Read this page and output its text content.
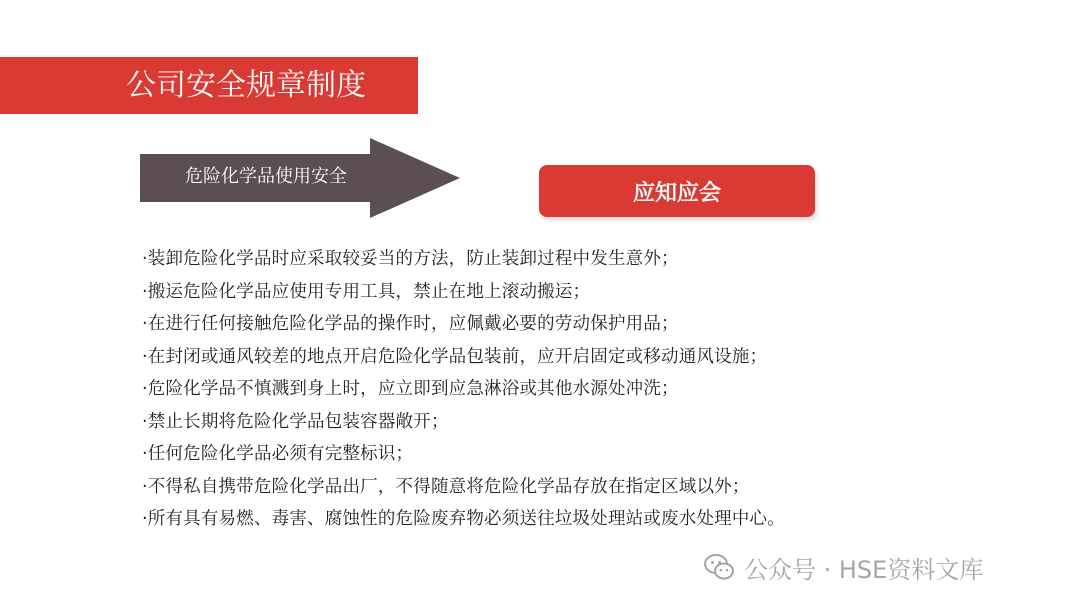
公司安全规章制度
危险化学品使用安全
应知应会
·装卸危险化学品时应采取较妥当的方法，防止装卸过程中发生意外；
·搬运危险化学品应使用专用工具，禁止在地上滚动搬运；
·在进行任何接触危险化学品的操作时，应佩戴必要的劳动保护用品；
·在封闭或通风较差的地点开启危险化学品包装前，应开启固定或移动通风设施；
·危险化学品不慎溅到身上时，应立即到应急淋浴或其他水源处冲洗；
·禁止长期将危险化学品包装容器敞开；
·任何危险化学品必须有完整标识；
·不得私自携带危险化学品出厂，不得随意将危险化学品存放在指定区域以外；
·所有具有易燃、毒害、腐蚀性的危险废弃物必须送往垃圾处理站或废水处理中心。
公众号 · HSE资料文库
